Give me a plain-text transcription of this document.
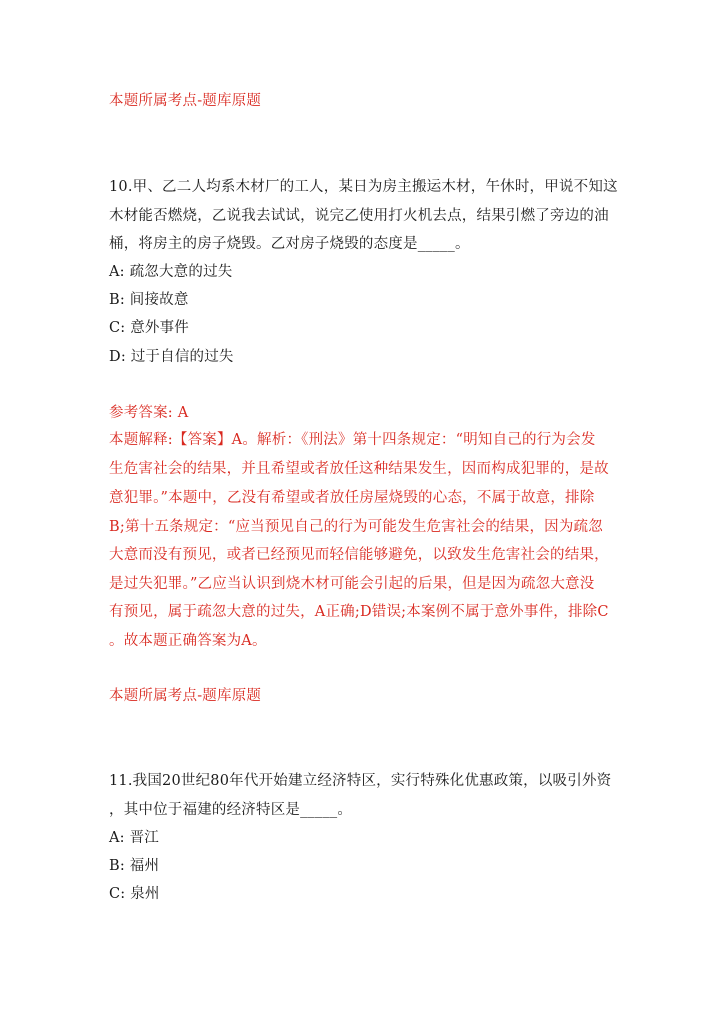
本题所属考点-题库原题
10.甲、乙二人均系木材厂的工人，某日为房主搬运木材，午休时，甲说不知这
木材能否燃烧，乙说我去试试，说完乙使用打火机去点，结果引燃了旁边的油
桶，将房主的房子烧毁。乙对房子烧毁的态度是_____。
A: 疏忽大意的过失
B: 间接故意
C: 意外事件
D: 过于自信的过失
参考答案: A
本题解释:【答案】A。解析：《刑法》第十四条规定：“明知自己的行为会发
生危害社会的结果，并且希望或者放任这种结果发生，因而构成犯罪的，是故
意犯罪。”本题中，乙没有希望或者放任房屋烧毁的心态，不属于故意，排除
B;第十五条规定：“应当预见自己的行为可能发生危害社会的结果，因为疏忽
大意而没有预见，或者已经预见而轻信能够避免，以致发生危害社会的结果，
是过失犯罪。”乙应当认识到烧木材可能会引起的后果，但是因为疏忽大意没
有预见，属于疏忽大意的过失，A正确;D错误;本案例不属于意外事件，排除C
。故本题正确答案为A。
本题所属考点-题库原题
11.我国20世纪80年代开始建立经济特区，实行特殊化优惠政策，以吸引外资
，其中位于福建的经济特区是_____。
A: 晋江
B: 福州
C: 泉州
